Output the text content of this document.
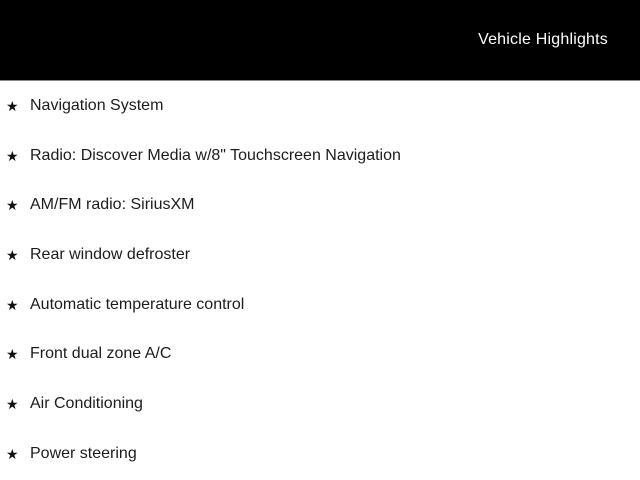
Vehicle Highlights
★ Navigation System
★ Radio: Discover Media w/8" Touchscreen Navigation
★ AM/FM radio: SiriusXM
★ Rear window defroster
★ Automatic temperature control
★ Front dual zone A/C
★ Air Conditioning
★ Power steering
